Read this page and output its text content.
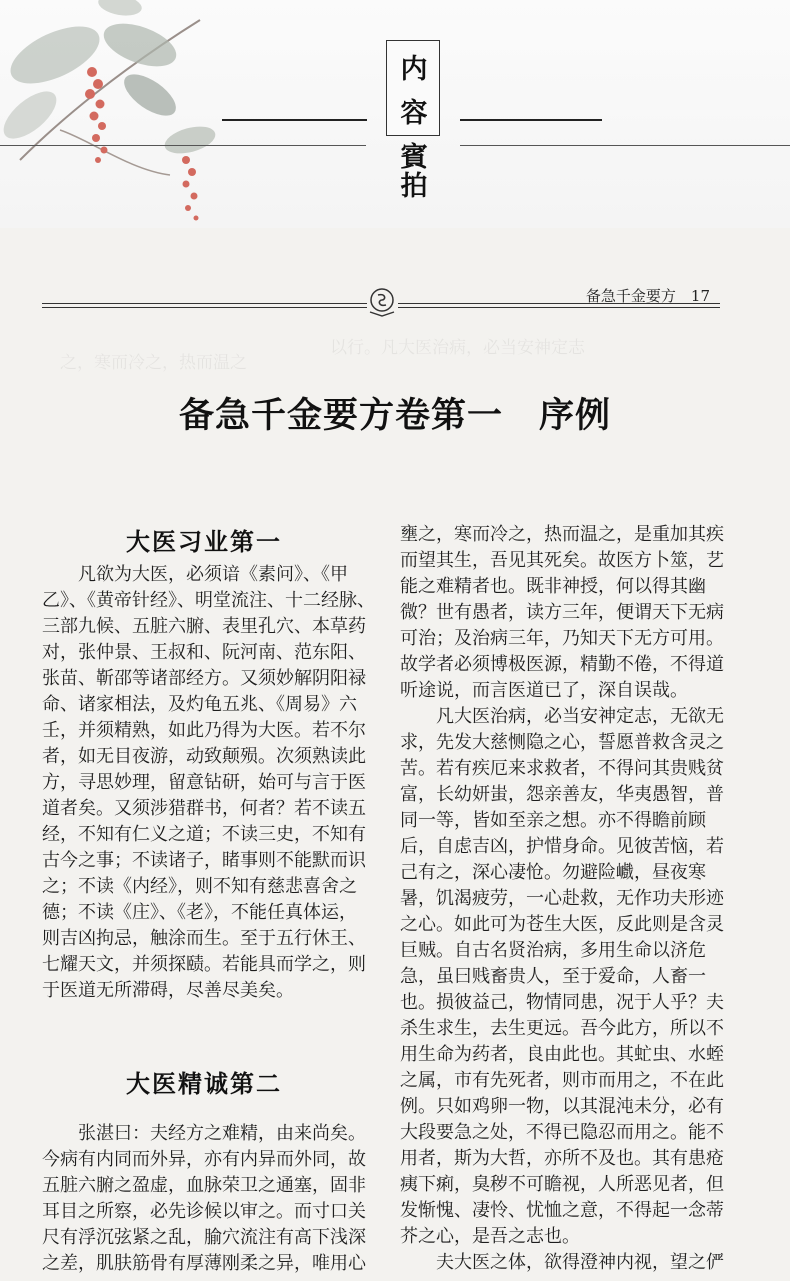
内
容
賓
拍
以行。凡大医治病，必当安神定志
之，寒而冷之，热而温之
备急千金要方　17
备急千金要方卷第一　序例
大医习业第一
　　凡欲为大医，必须谙《素问》、《甲
乙》、《黄帝针经》、明堂流注、十二经脉、
三部九候、五脏六腑、表里孔穴、本草药
对，张仲景、王叔和、阮河南、范东阳、
张苗、靳邵等诸部经方。又须妙解阴阳禄
命、诸家相法，及灼龟五兆、《周易》六
壬，并须精熟，如此乃得为大医。若不尔
者，如无目夜游，动致颠殒。次须熟读此
方，寻思妙理，留意钻研，始可与言于医
道者矣。又须涉猎群书，何者？若不读五
经，不知有仁义之道；不读三史，不知有
古今之事；不读诸子，睹事则不能默而识
之；不读《内经》，则不知有慈悲喜舍之
德；不读《庄》、《老》，不能任真体运，
则吉凶拘忌，触涂而生。至于五行休王、
七耀天文，并须探赜。若能具而学之，则
于医道无所滞碍，尽善尽美矣。
大医精诚第二
　　张湛曰：夫经方之难精，由来尚矣。
今病有内同而外异，亦有内异而外同，故
五脏六腑之盈虚，血脉荣卫之通塞，固非
耳目之所察，必先诊候以审之。而寸口关
尺有浮沉弦紧之乱，腧穴流注有高下浅深
之差，肌肤筋骨有厚薄刚柔之异，唯用心
壅之，寒而冷之，热而温之，是重加其疾
而望其生，吾见其死矣。故医方卜筮，艺
能之难精者也。既非神授，何以得其幽
微？世有愚者，读方三年，便谓天下无病
可治；及治病三年，乃知天下无方可用。
故学者必须博极医源，精勤不倦，不得道
听途说，而言医道已了，深自误哉。
　　凡大医治病，必当安神定志，无欲无
求，先发大慈恻隐之心，誓愿普救含灵之
苦。若有疾厄来求救者，不得问其贵贱贫
富，长幼妍蚩，怨亲善友，华夷愚智，普
同一等，皆如至亲之想。亦不得瞻前顾
后，自虑吉凶，护惜身命。见彼苦恼，若
己有之，深心凄怆。勿避险巇，昼夜寒
暑，饥渴疲劳，一心赴救，无作功夫形迹
之心。如此可为苍生大医，反此则是含灵
巨贼。自古名贤治病，多用生命以济危
急，虽曰贱畜贵人，至于爱命，人畜一
也。损彼益己，物情同患，况于人乎？夫
杀生求生，去生更远。吾今此方，所以不
用生命为药者，良由此也。其虻虫、水蛭
之属，市有先死者，则市而用之，不在此
例。只如鸡卵一物，以其混沌未分，必有
大段要急之处，不得已隐忍而用之。能不
用者，斯为大哲，亦所不及也。其有患疮
痍下痢，臭秽不可瞻视，人所恶见者，但
发惭愧、凄怜、忧恤之意，不得起一念蒂
芥之心，是吾之志也。
　　夫大医之体，欲得澄神内视，望之俨
